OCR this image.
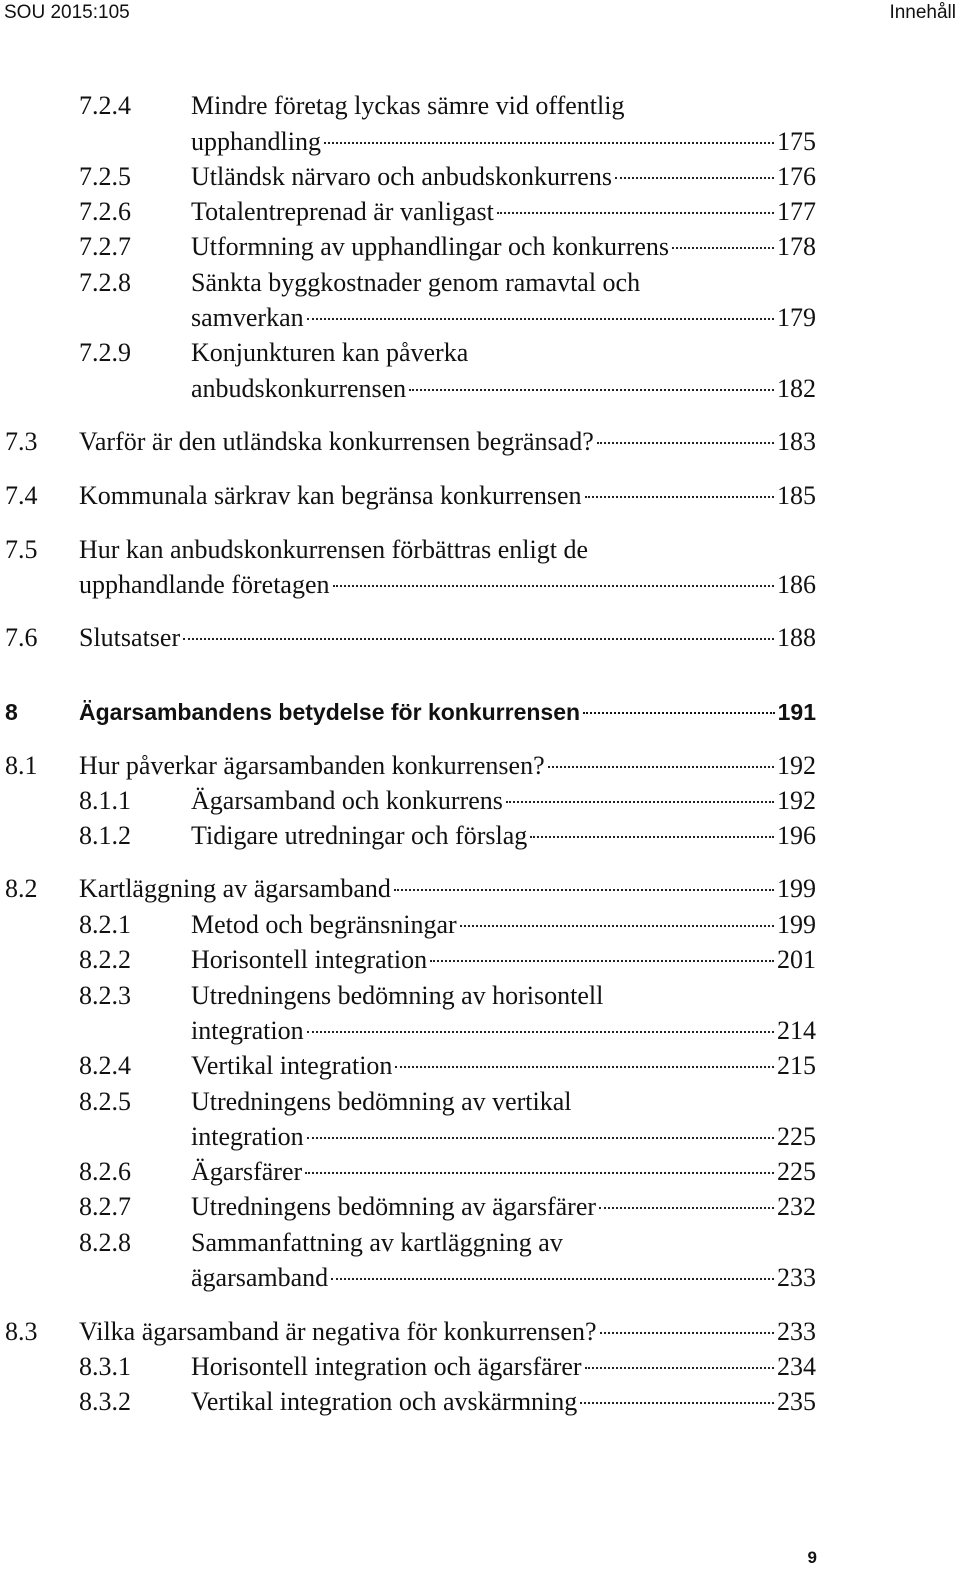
SOU 2015:105	Innehåll
7.2.4	Mindre företag lyckas sämre vid offentlig
upphandling	175
7.2.5	Utländsk närvaro och anbudskonkurrens	176
7.2.6	Totalentreprenad är vanligast	177
7.2.7	Utformning av upphandlingar och konkurrens	178
7.2.8	Sänkta byggkostnader genom ramavtal och
samverkan	179
7.2.9	Konjunkturen kan påverka
anbudskonkurrensen	182
7.3	Varför är den utländska konkurrensen begränsad?	183
7.4	Kommunala särkrav kan begränsa konkurrensen	185
7.5	Hur kan anbudskonkurrensen förbättras enligt de
upphandlande företagen	186
7.6	Slutsatser	188
8	Ägarsambandens betydelse för konkurrensen	191
8.1	Hur påverkar ägarsambanden konkurrensen?	192
8.1.1	Ägarsamband och konkurrens	192
8.1.2	Tidigare utredningar och förslag	196
8.2	Kartläggning av ägarsamband	199
8.2.1	Metod och begränsningar	199
8.2.2	Horisontell integration	201
8.2.3	Utredningens bedömning av horisontell
integration	214
8.2.4	Vertikal integration	215
8.2.5	Utredningens bedömning av vertikal
integration	225
8.2.6	Ägarsfärer	225
8.2.7	Utredningens bedömning av ägarsfärer	232
8.2.8	Sammanfattning av kartläggning av
ägarsamband	233
8.3	Vilka ägarsamband är negativa för konkurrensen?	233
8.3.1	Horisontell integration och ägarsfärer	234
8.3.2	Vertikal integration och avskärmning	235
9
